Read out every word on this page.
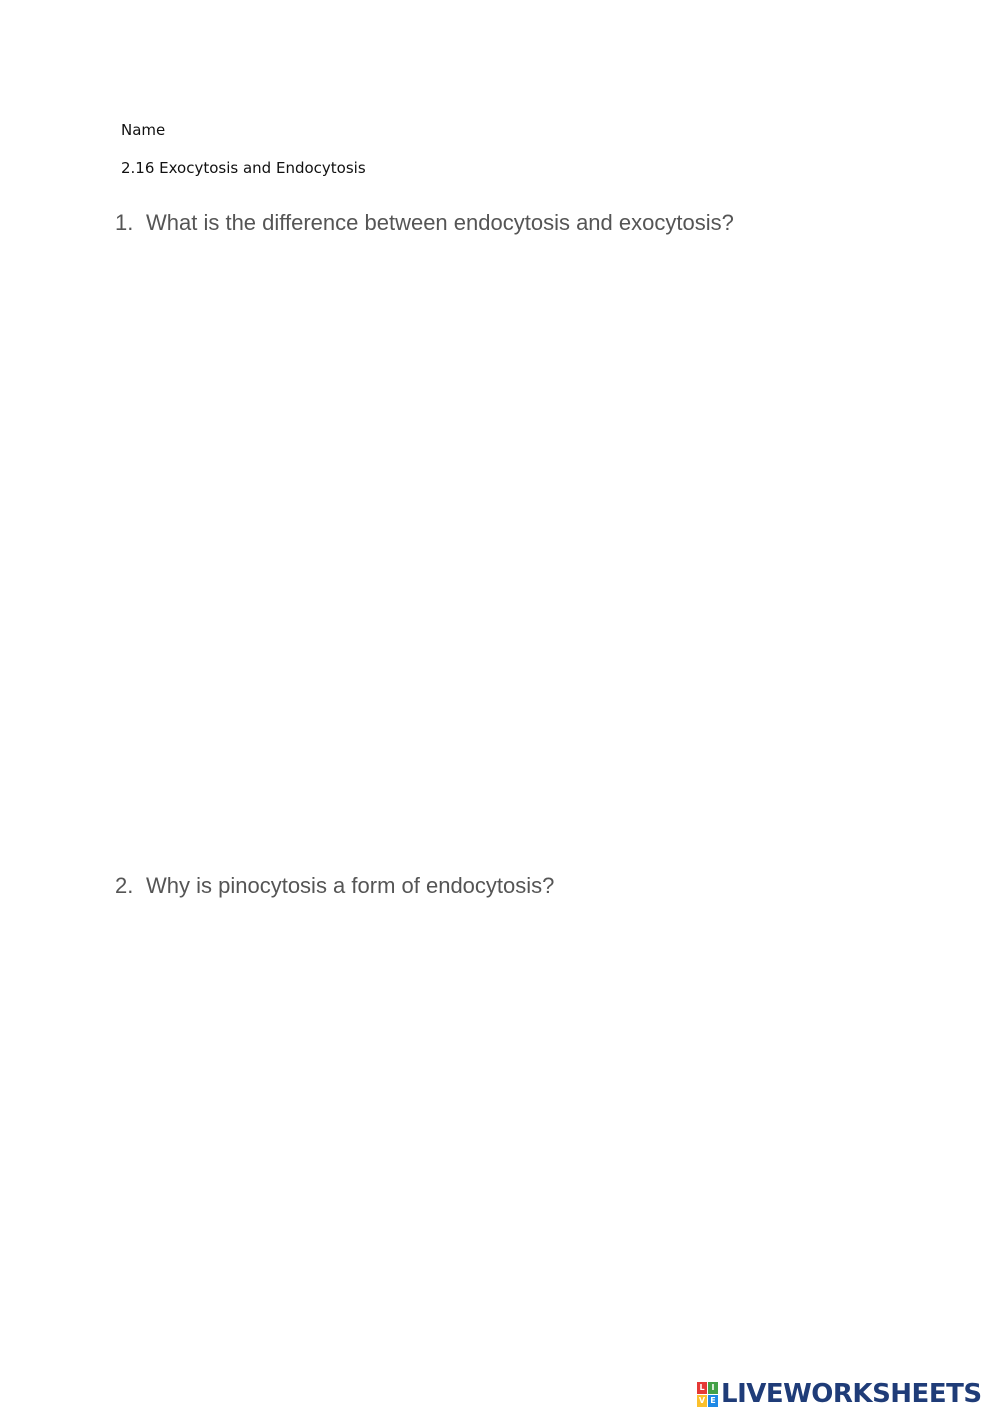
Name
2.16 Exocytosis and Endocytosis
1. What is the difference between endocytosis and exocytosis?
2. Why is pinocytosis a form of endocytosis?
L I
V E LIVEWORKSHEETS
